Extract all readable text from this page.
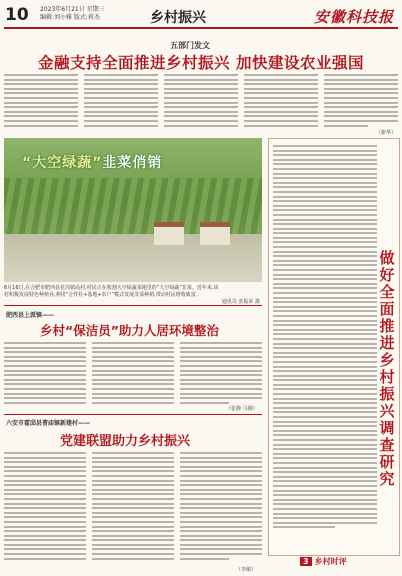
10 2023年6月21日 星期三
编辑:刘小雅 版式:蒋杰	乡村振兴	安徽科技报
五部门发文
金融支持全面推进乡村振兴 加快建设农业强国
（新华）
“大空绿蔬”韭菜俏销
6月16日,在合肥市肥西县花岗镇高村,村民正在收割大空绿蔬菜地里的“大空绿蔬”韭菜。近年来,该村积极发展特色种植业,利用“合作社+基地+农户”模式发展韭菜种植,带动村民增收致富。
通讯员 张振荣 摄
肥西县上派镇——
乡村“保洁员”助力人居环境整治
（张静 马刚）
六安市霍邱县曹庙镇新建村——
党建联盟助力乡村振兴
（李敏）
做
好
全
面
推
进
乡
村
振
兴
调
查
研
究
3 乡村时评
